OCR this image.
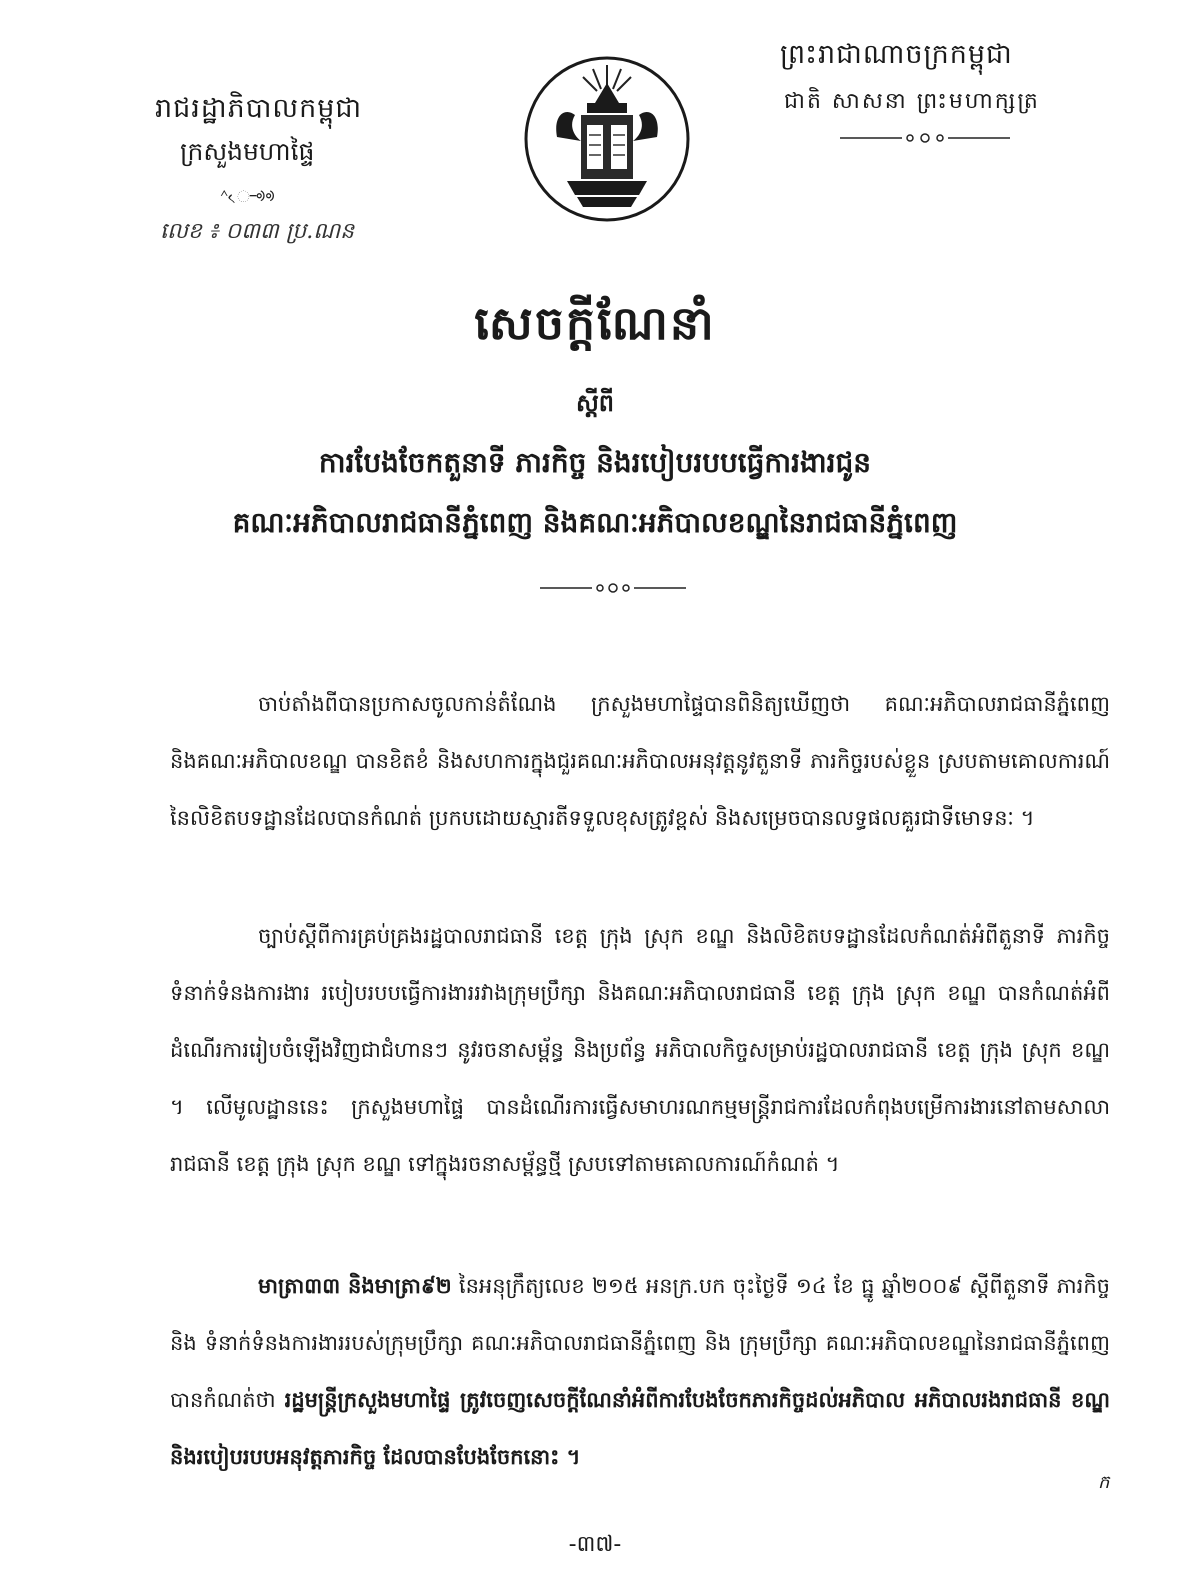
រាជរដ្ឋាភិបាលកម្ពុជា
ក្រសួងមហាផ្ទៃ
ᣔᨙ᠆ᢀᢀ
លេខ ៖ ០៣៣ ប្រ.ណន
ព្រះរាជាណាចក្រកម្ពុជា
ជាតិ សាសនា ព្រះមហាក្សត្រ
សេចក្តីណែនាំ
ស្តីពី
ការបែងចែកតួនាទី ភារកិច្ច និងរបៀបរបបធ្វើការងារជូន
គណៈអភិបាលរាជធានីភ្នំពេញ និងគណៈអភិបាលខណ្ឌនៃរាជធានីភ្នំពេញ
ចាប់តាំងពីបានប្រកាសចូលកាន់តំណែង ក្រសួងមហាផ្ទៃបានពិនិត្យឃើញថា គណៈអភិបាលរាជធានីភ្នំពេញ និងគណៈអភិបាលខណ្ឌ បានខិតខំ និងសហការក្នុងជួរគណៈអភិបាលអនុវត្តនូវតួនាទី ភារកិច្ចរបស់ខ្លួន ស្របតាមគោលការណ៍នៃលិខិតបទដ្ឋានដែលបានកំណត់ ប្រកបដោយស្មារតីទទួលខុសត្រូវខ្ពស់ និងសម្រេចបានលទ្ធផលគួរជាទីមោទនៈ ។
ច្បាប់ស្តីពីការគ្រប់គ្រងរដ្ឋបាលរាជធានី ខេត្ត ក្រុង ស្រុក ខណ្ឌ និងលិខិតបទដ្ឋានដែលកំណត់អំពីតួនាទី ភារកិច្ច ទំនាក់ទំនងការងារ របៀបរបបធ្វើការងាររវាងក្រុមប្រឹក្សា និងគណៈអភិបាលរាជធានី ខេត្ត ក្រុង ស្រុក ខណ្ឌ បានកំណត់អំពីដំណើរការរៀបចំឡើងវិញជាជំហានៗ នូវរចនាសម្ព័ន្ធ និងប្រព័ន្ធ អភិបាលកិច្ចសម្រាប់រដ្ឋបាលរាជធានី ខេត្ត ក្រុង ស្រុក ខណ្ឌ ។ លើមូលដ្ឋាននេះ ក្រសួងមហាផ្ទៃ បានដំណើរការធ្វើសមាហរណកម្មមន្ត្រីរាជការដែលកំពុងបម្រើការងារនៅតាមសាលារាជធានី ខេត្ត ក្រុង ស្រុក ខណ្ឌ ទៅក្នុងរចនាសម្ព័ន្ធថ្មី ស្របទៅតាមគោលការណ៍កំណត់ ។
មាត្រា៣៣ និងមាត្រា៩២ នៃអនុក្រឹត្យលេខ ២១៥ អនក្រ.បក ចុះថ្ងៃទី ១៤ ខែ ធ្នូ ឆ្នាំ២០០៩ ស្តីពីតួនាទី ភារកិច្ច និង ទំនាក់ទំនងការងាររបស់ក្រុមប្រឹក្សា គណៈអភិបាលរាជធានីភ្នំពេញ និង ក្រុមប្រឹក្សា គណៈអភិបាលខណ្ឌនៃរាជធានីភ្នំពេញ បានកំណត់ថា រដ្ឋមន្ត្រីក្រសួងមហាផ្ទៃ ត្រូវចេញសេចក្តីណែនាំអំពីការបែងចែកភារកិច្ចដល់អភិបាល អភិបាលរងរាជធានី ខណ្ឌ និងរបៀបរបបអនុវត្តភារកិច្ច ដែលបានបែងចែកនោះ ។
ក
-៣៧-
